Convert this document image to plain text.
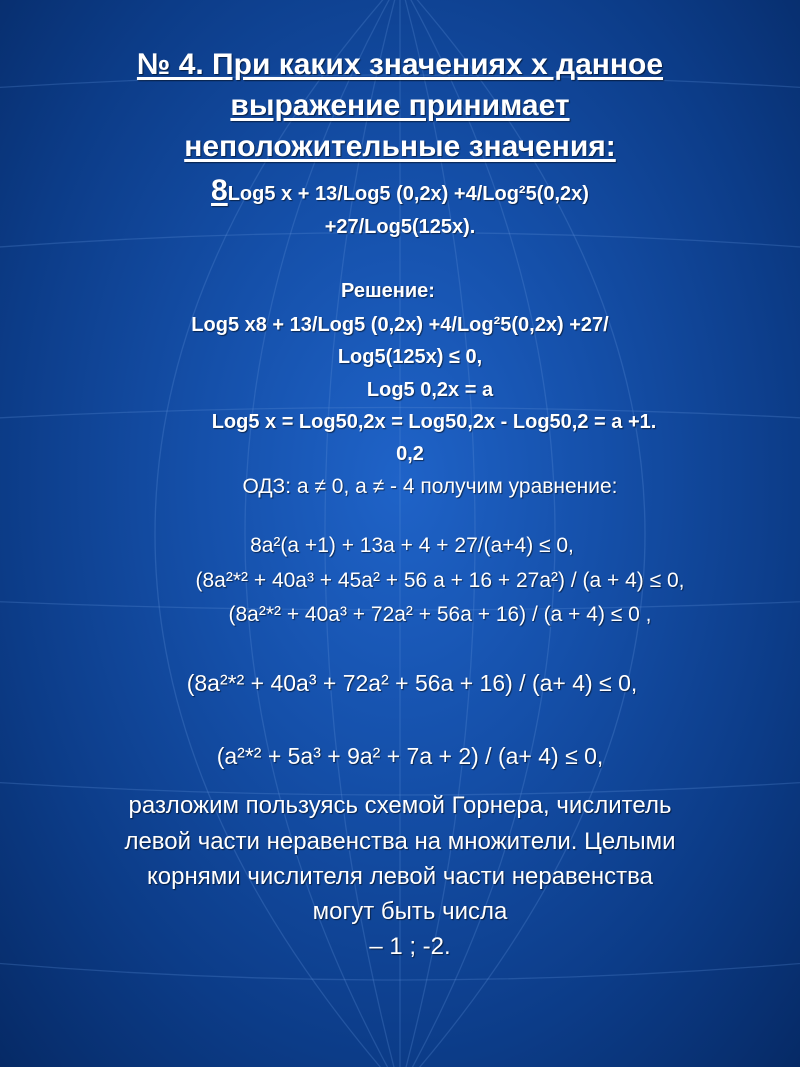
№ 4. При каких значениях х данное
выражение принимает
неположительные значения:
8Log5 x + 13/Log5 (0,2x) +4/Log²5(0,2x)
+27/Log5(125x).
Решение:
Log5 x8 + 13/Log5 (0,2x) +4/Log²5(0,2x) +27/
Log5(125x) ≤ 0,
Log5 0,2x = a
Log5 x = Log50,2x = Log50,2x - Log50,2 = a +1.
0,2
ОДЗ: a ≠ 0, a ≠ - 4 получим уравнение:
8a²(a +1) + 13a + 4 + 27/(a+4) ≤ 0,
(8a²*² + 40a³ + 45a² + 56 a + 16 + 27a²) / (a + 4) ≤ 0,
(8a²*² + 40a³ + 72a² + 56a + 16) / (a + 4) ≤ 0 ,
(8a²*² + 40a³ + 72a² + 56a + 16) / (a+ 4) ≤ 0,
(a²*² + 5a³ + 9a² + 7a + 2) / (a+ 4) ≤ 0,
разложим пользуясь схемой Горнера, числитель
левой части неравенства на множители. Целыми
корнями числителя левой части неравенства
могут быть числа
– 1 ; -2.
